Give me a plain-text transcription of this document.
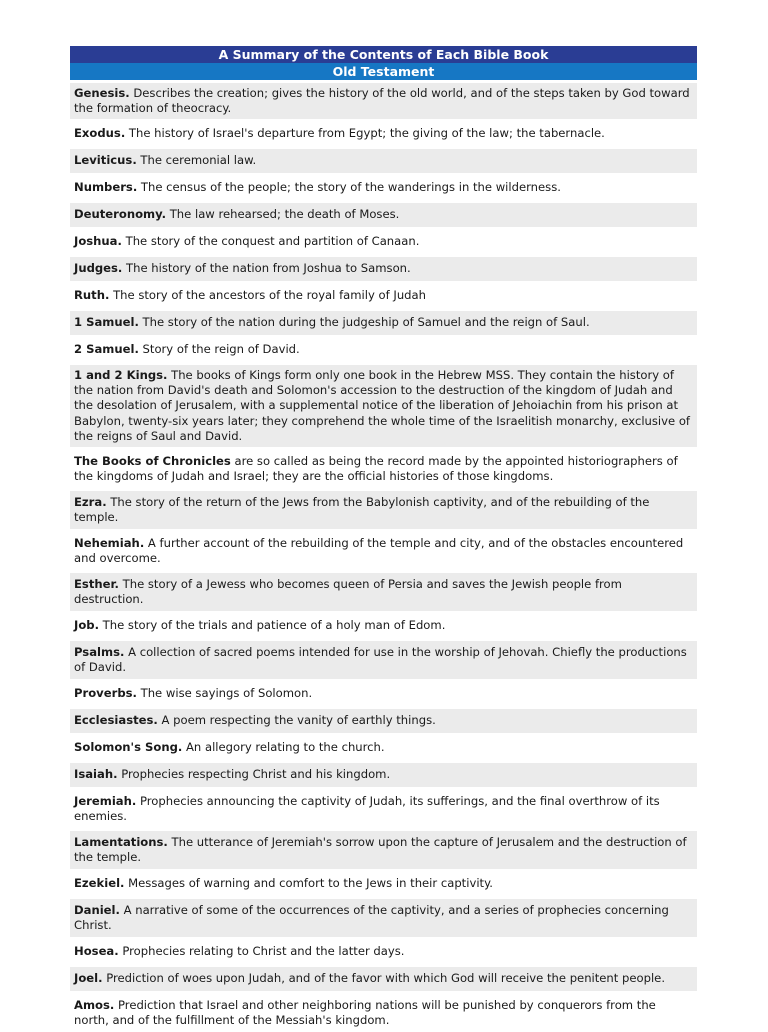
A Summary of the Contents of Each Bible Book
Old Testament
Genesis. Describes the creation; gives the history of the old world, and of the steps taken by God toward the formation of theocracy.
Exodus. The history of Israel's departure from Egypt; the giving of the law; the tabernacle.
Leviticus. The ceremonial law.
Numbers. The census of the people; the story of the wanderings in the wilderness.
Deuteronomy. The law rehearsed; the death of Moses.
Joshua. The story of the conquest and partition of Canaan.
Judges. The history of the nation from Joshua to Samson.
Ruth. The story of the ancestors of the royal family of Judah
1 Samuel. The story of the nation during the judgeship of Samuel and the reign of Saul.
2 Samuel. Story of the reign of David.
1 and 2 Kings. The books of Kings form only one book in the Hebrew MSS. They contain the history of the nation from David's death and Solomon's accession to the destruction of the kingdom of Judah and the desolation of Jerusalem, with a supplemental notice of the liberation of Jehoiachin from his prison at Babylon, twenty-six years later; they comprehend the whole time of the Israelitish monarchy, exclusive of the reigns of Saul and David.
The Books of Chronicles are so called as being the record made by the appointed historiographers of the kingdoms of Judah and Israel; they are the official histories of those kingdoms.
Ezra. The story of the return of the Jews from the Babylonish captivity, and of the rebuilding of the temple.
Nehemiah. A further account of the rebuilding of the temple and city, and of the obstacles encountered and overcome.
Esther. The story of a Jewess who becomes queen of Persia and saves the Jewish people from destruction.
Job. The story of the trials and patience of a holy man of Edom.
Psalms. A collection of sacred poems intended for use in the worship of Jehovah. Chiefly the productions of David.
Proverbs. The wise sayings of Solomon.
Ecclesiastes. A poem respecting the vanity of earthly things.
Solomon's Song. An allegory relating to the church.
Isaiah. Prophecies respecting Christ and his kingdom.
Jeremiah. Prophecies announcing the captivity of Judah, its sufferings, and the final overthrow of its enemies.
Lamentations. The utterance of Jeremiah's sorrow upon the capture of Jerusalem and the destruction of the temple.
Ezekiel. Messages of warning and comfort to the Jews in their captivity.
Daniel. A narrative of some of the occurrences of the captivity, and a series of prophecies concerning Christ.
Hosea. Prophecies relating to Christ and the latter days.
Joel. Prediction of woes upon Judah, and of the favor with which God will receive the penitent people.
Amos. Prediction that Israel and other neighboring nations will be punished by conquerors from the north, and of the fulfillment of the Messiah's kingdom.
